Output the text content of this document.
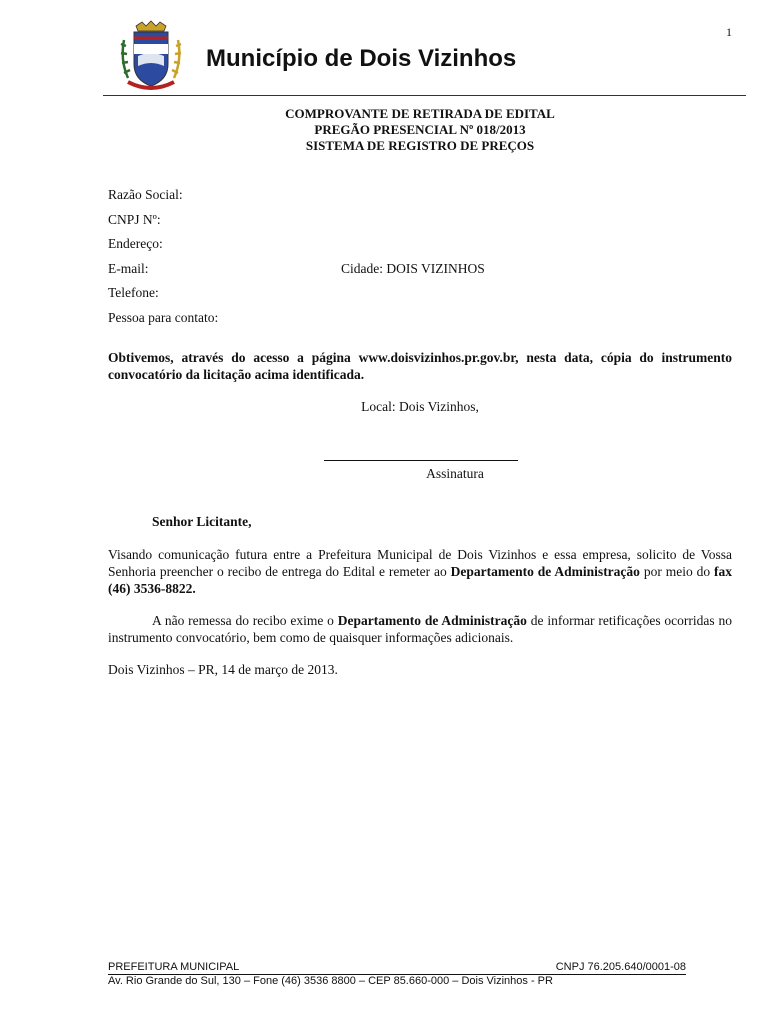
1
Município de Dois Vizinhos
COMPROVANTE DE RETIRADA DE EDITAL
PREGÃO PRESENCIAL Nº 018/2013
SISTEMA DE REGISTRO DE PREÇOS
Razão Social:
CNPJ Nº:
Endereço:
E-mail:	Cidade: DOIS VIZINHOS
Telefone:
Pessoa para contato:
Obtivemos, através do acesso a página www.doisvizinhos.pr.gov.br, nesta data, cópia do instrumento convocatório da licitação acima identificada.
Local: Dois Vizinhos,
Assinatura
Senhor Licitante,
Visando comunicação futura entre a Prefeitura Municipal de Dois Vizinhos e essa empresa, solicito de Vossa Senhoria preencher o recibo de entrega do Edital e remeter ao Departamento de Administração por meio do fax (46) 3536-8822.
A não remessa do recibo exime o Departamento de Administração de informar retificações ocorridas no instrumento convocatório, bem como de quaisquer informações adicionais.
Dois Vizinhos – PR, 14 de março de 2013.
PREFEITURA MUNICIPAL	CNPJ 76.205.640/0001-08
Av. Rio Grande do Sul, 130 – Fone (46) 3536 8800 – CEP 85.660-000 – Dois Vizinhos - PR
